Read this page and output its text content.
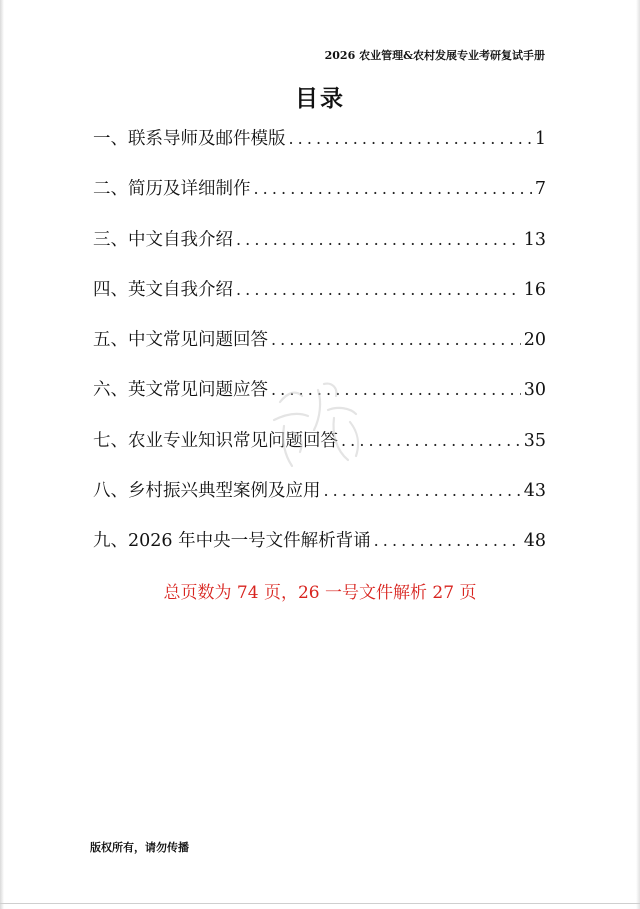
2026 农业管理&农村发展专业考研复试手册
目录
一、联系导师及邮件模版 . . .	1
二、简历及详细制作 . . .	7
三、中文自我介绍 . . .	13
四、英文自我介绍 . . .	16
五、中文常见问题回答 . . .	20
六、英文常见问题应答 . . .	30
七、农业专业知识常见问题回答 . . .	35
八、乡村振兴典型案例及应用 . . .	43
九、2026 年中央一号文件解析背诵 . . .	48
总页数为 74 页，26 一号文件解析 27 页
版权所有，请勿传播
